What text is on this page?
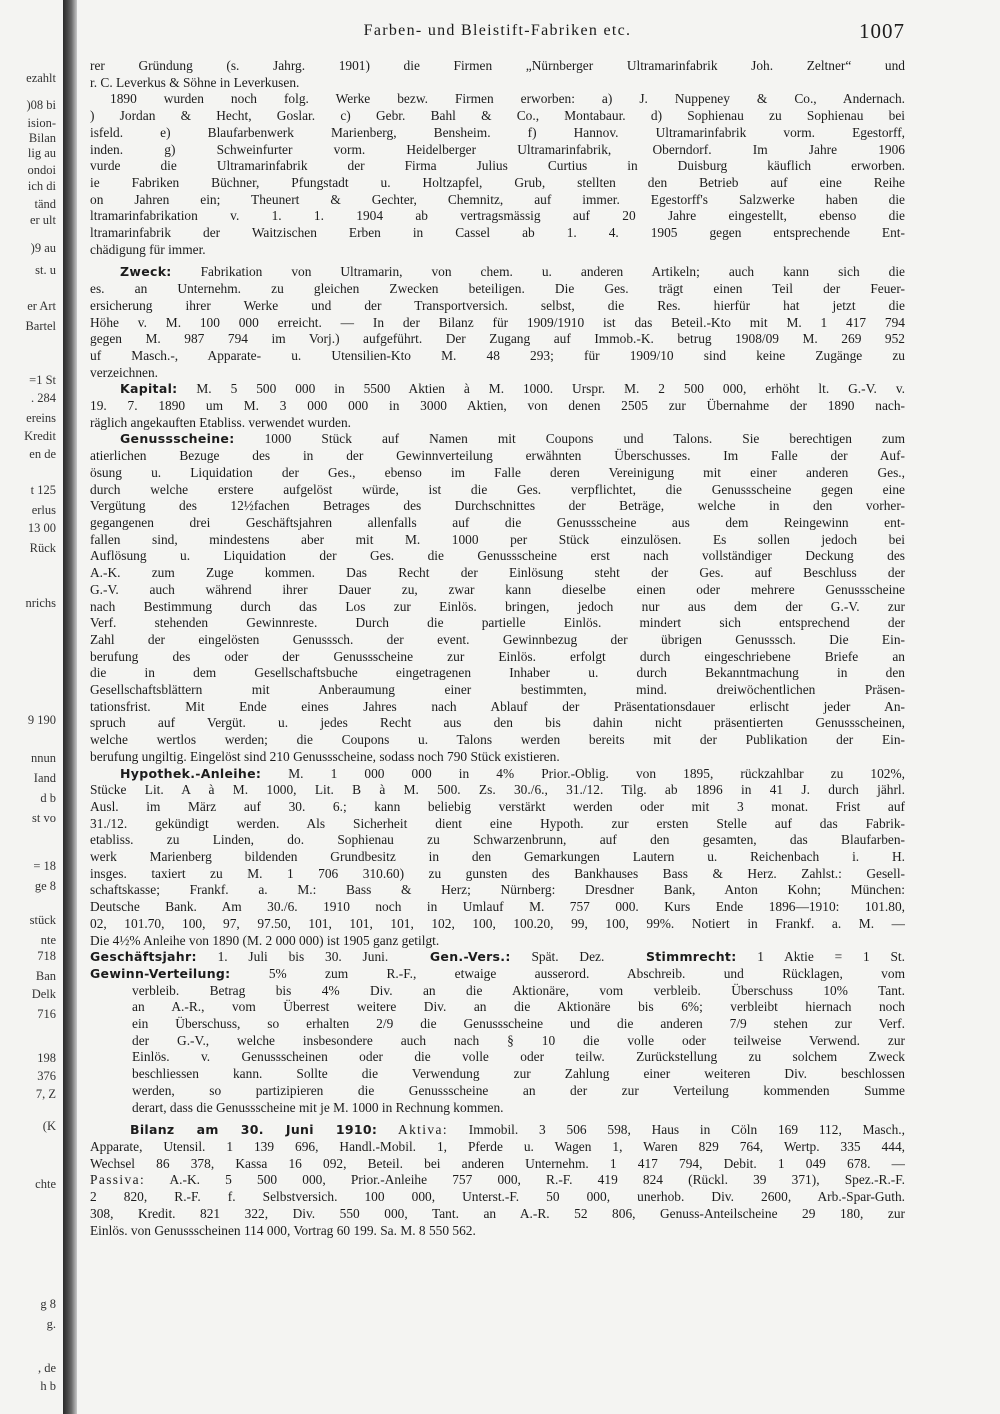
ezahlt
)08 bi
ision-
Bilan
lig au
ondoi
ich di
tänd
er ult
)9 au
st. u
er Art
Bartel
=1 St
. 284
ereins
Kredit
en de
t 125
erlus
13 00
Rück
nrichs
9 190
nnun
Iand
d b
st vo
= 18
ge 8
stück
nte
718
Ban
Delk
716
198
376
7, Z
(K
chte
g 8
g.
, de
h b
Farben- und Bleistift-Fabriken etc.	1007
rer Gründung (s. Jahrg. 1901) die Firmen „Nürnberger Ultramarinfabrik Joh. Zeltner“ und
r. C. Leverkus & Söhne in Leverkusen.
1890 wurden noch folg. Werke bezw. Firmen erworben: a) J. Nuppeney & Co., Andernach.
) Jordan & Hecht, Goslar. c) Gebr. Bahl & Co., Montabaur. d) Sophienau zu Sophienau bei
isfeld. e) Blaufarbenwerk Marienberg, Bensheim. f) Hannov. Ultramarinfabrik vorm. Egestorff,
inden. g) Schweinfurter vorm. Heidelberger Ultramarinfabrik, Oberndorf. Im Jahre 1906
vurde die Ultramarinfabrik der Firma Julius Curtius in Duisburg käuflich erworben.
ie Fabriken Büchner, Pfungstadt u. Holtzapfel, Grub, stellten den Betrieb auf eine Reihe
on Jahren ein; Theunert & Gechter, Chemnitz, auf immer. Egestorff's Salzwerke haben die
ltramarinfabrikation v. 1. 1. 1904 ab vertragsmässig auf 20 Jahre eingestellt, ebenso die
ltramarinfabrik der Waitzischen Erben in Cassel ab 1. 4. 1905 gegen entsprechende Ent-
chädigung für immer.
Zweck: Fabrikation von Ultramarin, von chem. u. anderen Artikeln; auch kann sich die
es. an Unternehm. zu gleichen Zwecken beteiligen. Die Ges. trägt einen Teil der Feuer-
ersicherung ihrer Werke und der Transportversich. selbst, die Res. hierfür hat jetzt die
Höhe v. M. 100 000 erreicht. — In der Bilanz für 1909/1910 ist das Beteil.-Kto mit M. 1 417 794
gegen M. 987 794 im Vorj.) aufgeführt. Der Zugang auf Immob.-K. betrug 1908/09 M. 269 952
uf Masch.-, Apparate- u. Utensilien-Kto M. 48 293; für 1909/10 sind keine Zugänge zu
verzeichnen.
Kapital: M. 5 500 000 in 5500 Aktien à M. 1000. Urspr. M. 2 500 000, erhöht lt. G.-V. v.
19. 7. 1890 um M. 3 000 000 in 3000 Aktien, von denen 2505 zur Übernahme der 1890 nach-
räglich angekauften Etabliss. verwendet wurden.
Genussscheine: 1000 Stück auf Namen mit Coupons und Talons. Sie berechtigen zum
atierlichen Bezuge des in der Gewinnverteilung erwähnten Überschusses. Im Falle der Auf-
ösung u. Liquidation der Ges., ebenso im Falle deren Vereinigung mit einer anderen Ges.,
durch welche erstere aufgelöst würde, ist die Ges. verpflichtet, die Genussscheine gegen eine
Vergütung des 12½fachen Betrages des Durchschnittes der Beträge, welche in den vorher-
gegangenen drei Geschäftsjahren allenfalls auf die Genussscheine aus dem Reingewinn ent-
fallen sind, mindestens aber mit M. 1000 per Stück einzulösen. Es sollen jedoch bei
Auflösung u. Liquidation der Ges. die Genussscheine erst nach vollständiger Deckung des
A.-K. zum Zuge kommen. Das Recht der Einlösung steht der Ges. auf Beschluss der
G.-V. auch während ihrer Dauer zu, zwar kann dieselbe einen oder mehrere Genussscheine
nach Bestimmung durch das Los zur Einlös. bringen, jedoch nur aus dem der G.-V. zur
Verf. stehenden Gewinnreste. Durch die partielle Einlös. mindert sich entsprechend der
Zahl der eingelösten Genusssch. der event. Gewinnbezug der übrigen Genusssch. Die Ein-
berufung des oder der Genussscheine zur Einlös. erfolgt durch eingeschriebene Briefe an
die in dem Gesellschaftsbuche eingetragenen Inhaber u. durch Bekanntmachung in den
Gesellschaftsblättern mit Anberaumung einer bestimmten, mind. dreiwöchentlichen Präsen-
tationsfrist. Mit Ende eines Jahres nach Ablauf der Präsentationsdauer erlischt jeder An-
spruch auf Vergüt. u. jedes Recht aus den bis dahin nicht präsentierten Genussscheinen,
welche wertlos werden; die Coupons u. Talons werden bereits mit der Publikation der Ein-
berufung ungiltig. Eingelöst sind 210 Genussscheine, sodass noch 790 Stück existieren.
Hypothek.-Anleihe: M. 1 000 000 in 4% Prior.-Oblig. von 1895, rückzahlbar zu 102%,
Stücke Lit. A à M. 1000, Lit. B à M. 500. Zs. 30./6., 31./12. Tilg. ab 1896 in 41 J. durch jährl.
Ausl. im März auf 30. 6.; kann beliebig verstärkt werden oder mit 3 monat. Frist auf
31./12. gekündigt werden. Als Sicherheit dient eine Hypoth. zur ersten Stelle auf das Fabrik-
etabliss. zu Linden, do. Sophienau zu Schwarzenbrunn, auf den gesamten, das Blaufarben-
werk Marienberg bildenden Grundbesitz in den Gemarkungen Lautern u. Reichenbach i. H.
insges. taxiert zu M. 1 706 310.60) zu gunsten des Bankhauses Bass & Herz. Zahlst.: Gesell-
schaftskasse; Frankf. a. M.: Bass & Herz; Nürnberg: Dresdner Bank, Anton Kohn; München:
Deutsche Bank. Am 30./6. 1910 noch in Umlauf M. 757 000. Kurs Ende 1896—1910: 101.80,
02, 101.70, 100, 97, 97.50, 101, 101, 101, 102, 100, 100.20, 99, 100, 99%. Notiert in Frankf. a. M. —
Die 4½% Anleihe von 1890 (M. 2 000 000) ist 1905 ganz getilgt.
Geschäftsjahr: 1. Juli bis 30. Juni.	Gen.-Vers.: Spät. Dez.	Stimmrecht: 1 Aktie = 1 St.
Gewinn-Verteilung: 5% zum R.-F., etwaige ausserord. Abschreib. und Rücklagen, vom
verbleib. Betrag bis 4% Div. an die Aktionäre, vom verbleib. Überschuss 10% Tant.
an A.-R., vom Überrest weitere Div. an die Aktionäre bis 6%; verbleibt hiernach noch
ein Überschuss, so erhalten 2/9 die Genussscheine und die anderen 7/9 stehen zur Verf.
der G.-V., welche insbesondere auch nach § 10 die volle oder teilweise Verwend. zur
Einlös. v. Genussscheinen oder die volle oder teilw. Zurückstellung zu solchem Zweck
beschliessen kann. Sollte die Verwendung zur Zahlung einer weiteren Div. beschlossen
werden, so partizipieren die Genussscheine an der zur Verteilung kommenden Summe
derart, dass die Genussscheine mit je M. 1000 in Rechnung kommen.
Bilanz am 30. Juni 1910: Aktiva: Immobil. 3 506 598, Haus in Cöln 169 112, Masch.,
Apparate, Utensil. 1 139 696, Handl.-Mobil. 1, Pferde u. Wagen 1, Waren 829 764, Wertp. 335 444,
Wechsel 86 378, Kassa 16 092, Beteil. bei anderen Unternehm. 1 417 794, Debit. 1 049 678. —
Passiva: A.-K. 5 500 000, Prior.-Anleihe 757 000, R.-F. 419 824 (Rückl. 39 371), Spez.-R.-F.
2 820, R.-F. f. Selbstversich. 100 000, Unterst.-F. 50 000, unerhob. Div. 2600, Arb.-Spar-Guth.
308, Kredit. 821 322, Div. 550 000, Tant. an A.-R. 52 806, Genuss-Anteilscheine 29 180, zur
Einlös. von Genussscheinen 114 000, Vortrag 60 199. Sa. M. 8 550 562.
